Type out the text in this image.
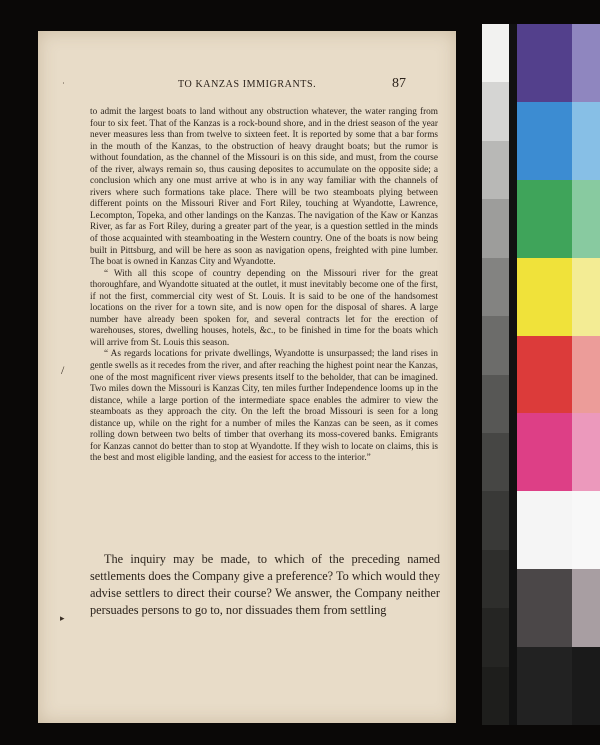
TO KANZAS IMMIGRANTS.	87
˙
/
▸

to admit the largest boats to land without any obstruction whatever, the water ranging from four to six feet. That of the Kanzas is a rock-bound shore, and in the driest season of the year never measures less than from twelve to sixteen feet. It is reported by some that a bar forms in the mouth of the Kanzas, to the obstruction of heavy draught boats; but the rumor is without foundation, as the channel of the Missouri is on this side, and must, from the course of the river, always remain so, thus causing deposites to accumulate on the opposite side; a conclusion which any one must arrive at who is in any way familiar with the channels of rivers where such formations take place. There will be two steamboats plying between different points on the Missouri River and Fort Riley, touching at Wyandotte, Lawrence, Lecompton, Topeka, and other landings on the Kanzas. The navigation of the Kaw or Kanzas River, as far as Fort Riley, during a greater part of the year, is a question settled in the minds of those acquainted with steamboating in the Western country. One of the boats is now being built in Pittsburg, and will be here as soon as navigation opens, freighted with pine lumber. The boat is owned in Kanzas City and Wyandotte.

“ With all this scope of country depending on the Missouri river for the great thoroughfare, and Wyandotte situated at the outlet, it must inevitably become one of the first, if not the first, commercial city west of St. Louis. It is said to be one of the handsomest locations on the river for a town site, and is now open for the disposal of shares. A large number have already been spoken for, and several contracts let for the erection of warehouses, stores, dwelling houses, hotels, &c., to be finished in time for the boats which will arrive from St. Louis this season.

“ As regards locations for private dwellings, Wyandotte is unsurpassed; the land rises in gentle swells as it recedes from the river, and after reaching the highest point near the Kanzas, one of the most magnificent river views presents itself to the beholder, that can be imagined. Two miles down the Missouri is Kanzas City, ten miles further Independence looms up in the distance, while a large portion of the intermediate space enables the admirer to view the steamboats as they approach the city. On the left the broad Missouri is seen for a long distance up, while on the right for a number of miles the Kanzas can be seen, as it comes rolling down between two belts of timber that overhang its moss-covered banks. Emigrants for Kanzas cannot do better than to stop at Wyandotte. If they wish to locate on claims, this is the best and most eligible landing, and the easiest for access to the interior.”

The inquiry may be made, to which of the preceding named settlements does the Company give a preference? To which would they advise settlers to direct their course? We answer, the Company neither persuades persons to go to, nor dissuades them from settling
